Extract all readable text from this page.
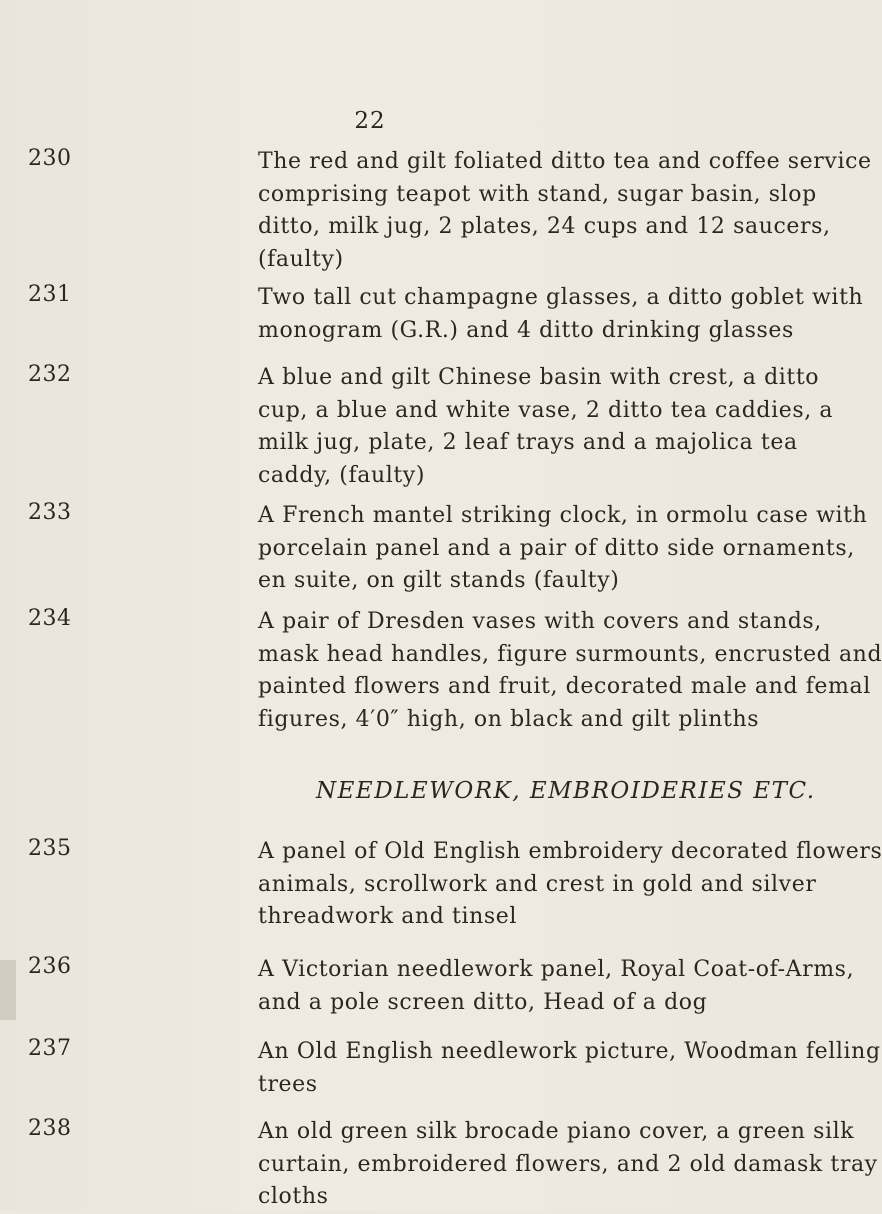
22
230	The red and gilt foliated ditto tea and coffee service
comprising teapot with stand, sugar basin, slop
ditto, milk jug, 2 plates, 24 cups and 12 saucers,
(faulty)
231	Two tall cut champagne glasses, a ditto goblet with
monogram (G.R.) and 4 ditto drinking glasses
232	A blue and gilt Chinese basin with crest, a ditto
cup, a blue and white vase, 2 ditto tea caddies, a
milk jug, plate, 2 leaf trays and a majolica tea
caddy, (faulty)
233	A French mantel striking clock, in ormolu case with
porcelain panel and a pair of ditto side ornaments,
en suite, on gilt stands (faulty)
234	A pair of Dresden vases with covers and stands,
mask head handles, figure surmounts, encrusted and
painted flowers and fruit, decorated male and femal
figures, 4′0″ high, on black and gilt plinths
NEEDLEWORK, EMBROIDERIES ETC.
235	A panel of Old English embroidery decorated flowers
animals, scrollwork and crest in gold and silver
threadwork and tinsel
236	A Victorian needlework panel, Royal Coat-of-Arms,
and a pole screen ditto, Head of a dog
237	An Old English needlework picture, Woodman felling
trees
238	An old green silk brocade piano cover, a green silk
curtain, embroidered flowers, and 2 old damask tray
cloths
